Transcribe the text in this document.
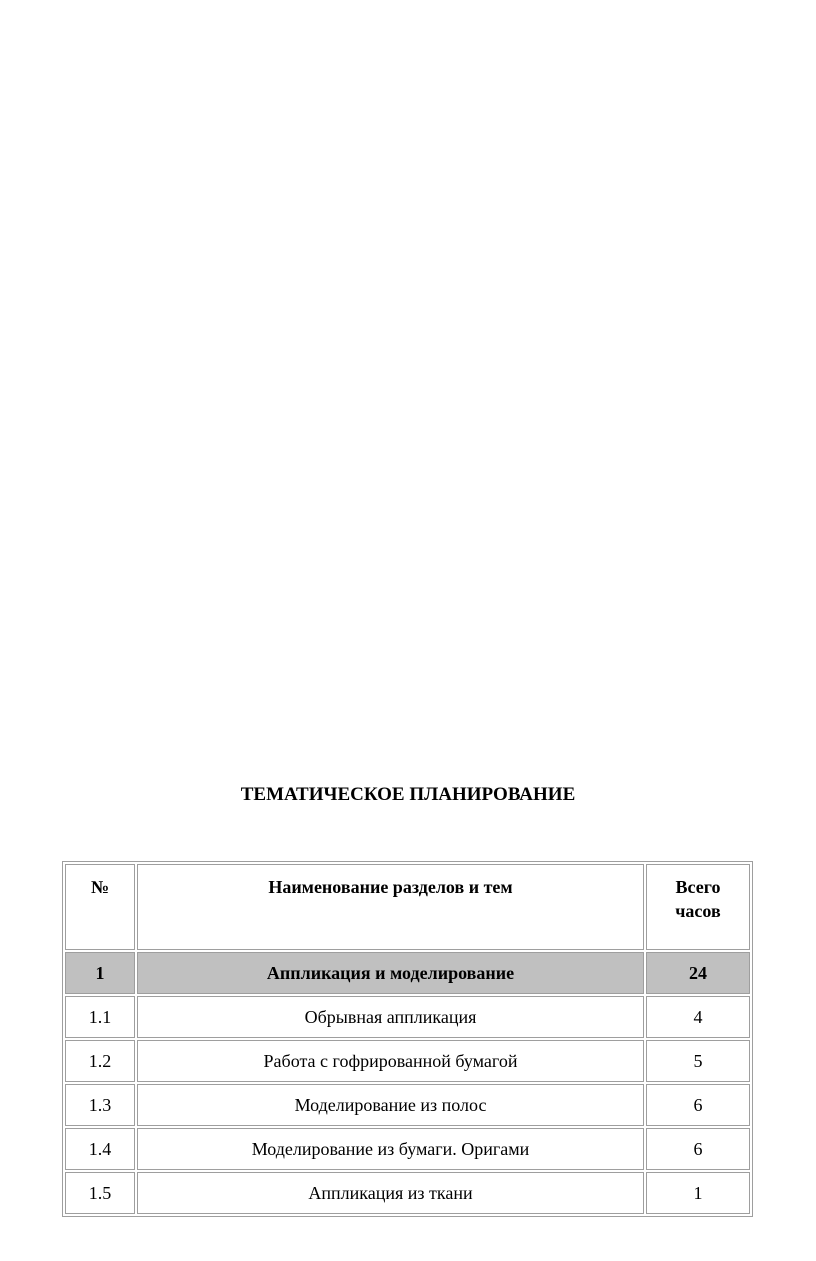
ТЕМАТИЧЕСКОЕ ПЛАНИРОВАНИЕ
№	Наименование разделов и тем	Всего часов
1	Аппликация и моделирование	24
1.1	Обрывная аппликация	4
1.2	Работа с гофрированной бумагой	5
1.3	Моделирование из полос	6
1.4	Моделирование из бумаги. Оригами	6
1.5	Аппликация из ткани	1
